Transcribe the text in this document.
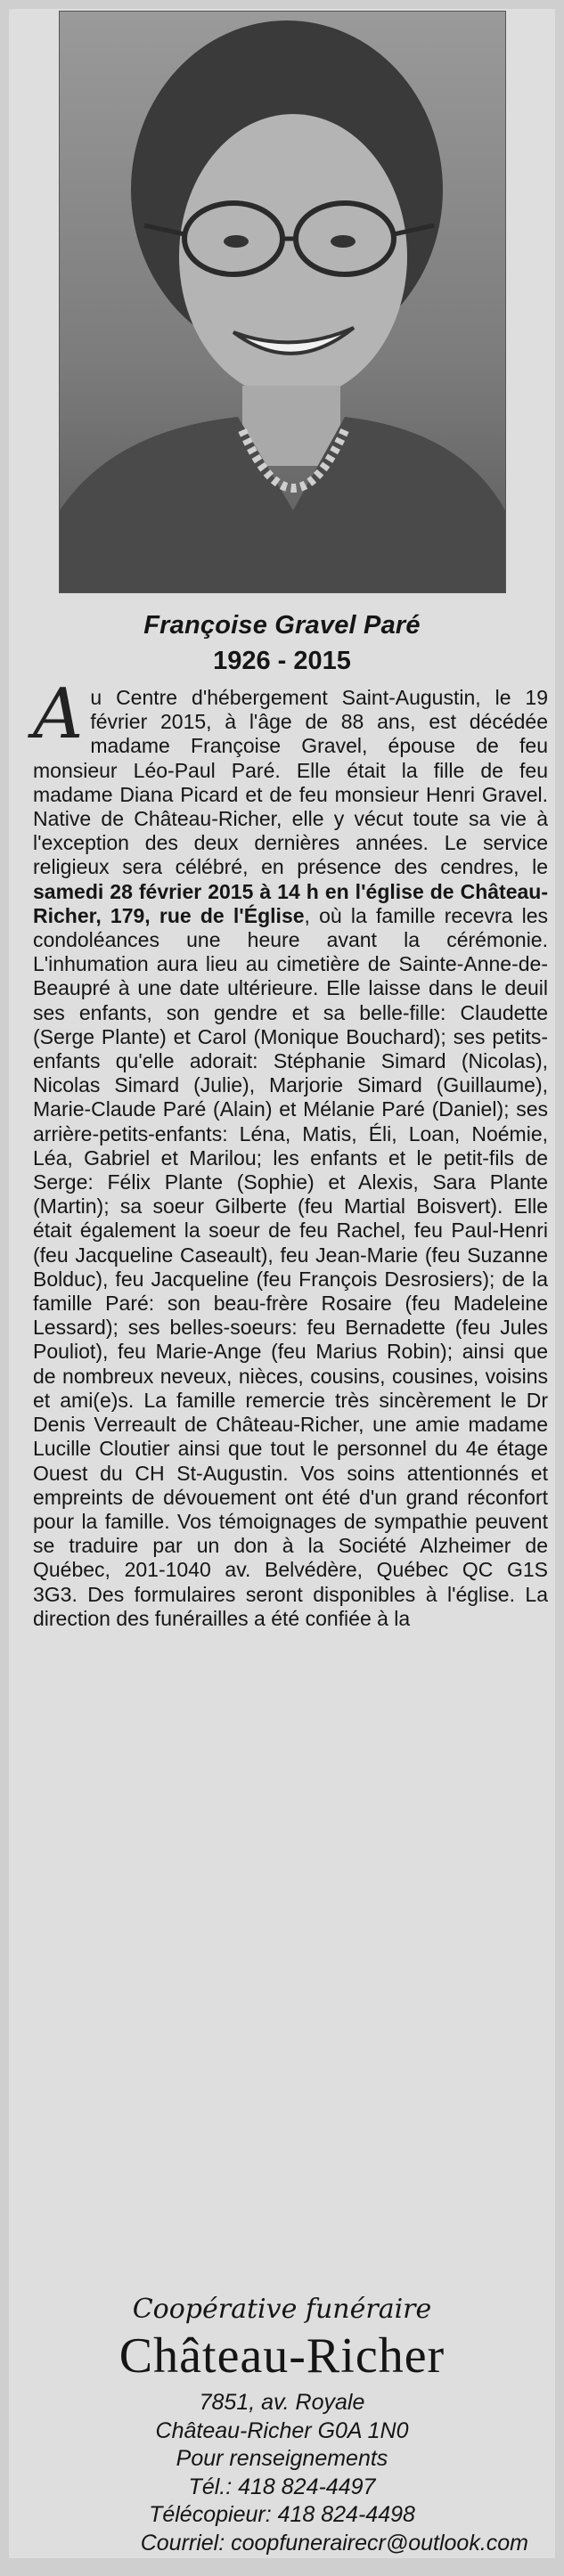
Françoise Gravel Paré
1926 - 2015
Au Centre d'hébergement Saint-Augustin, le 19 février 2015, à l'âge de 88 ans, est décédée madame Françoise Gravel, épouse de feu monsieur Léo-Paul Paré. Elle était la fille de feu madame Diana Picard et de feu monsieur Henri Gravel. Native de Château-Richer, elle y vécut toute sa vie à l'exception des deux dernières années. Le service religieux sera célébré, en présence des cendres, le samedi 28 février 2015 à 14 h en l'église de Château-Richer, 179, rue de l'Église, où la famille recevra les condoléances une heure avant la cérémonie. L'inhumation aura lieu au cimetière de Sainte-Anne-de-Beaupré à une date ultérieure. Elle laisse dans le deuil ses enfants, son gendre et sa belle-fille: Claudette (Serge Plante) et Carol (Monique Bouchard); ses petits-enfants qu'elle adorait: Stéphanie Simard (Nicolas), Nicolas Simard (Julie), Marjorie Simard (Guillaume), Marie-Claude Paré (Alain) et Mélanie Paré (Daniel); ses arrière-petits-enfants: Léna, Matis, Éli, Loan, Noémie, Léa, Gabriel et Marilou; les enfants et le petit-fils de Serge: Félix Plante (Sophie) et Alexis, Sara Plante (Martin); sa soeur Gilberte (feu Martial Boisvert). Elle était également la soeur de feu Rachel, feu Paul-Henri (feu Jacqueline Caseault), feu Jean-Marie (feu Suzanne Bolduc), feu Jacqueline (feu François Desrosiers); de la famille Paré: son beau-frère Rosaire (feu Madeleine Lessard); ses belles-soeurs: feu Bernadette (feu Jules Pouliot), feu Marie-Ange (feu Marius Robin); ainsi que de nombreux neveux, nièces, cousins, cousines, voisins et ami(e)s. La famille remercie très sincèrement le Dr Denis Verreault de Château-Richer, une amie madame Lucille Cloutier ainsi que tout le personnel du 4e étage Ouest du CH St-Augustin. Vos soins attentionnés et empreints de dévouement ont été d'un grand réconfort pour la famille. Vos témoignages de sympathie peuvent se traduire par un don à la Société Alzheimer de Québec, 201-1040 av. Belvédère, Québec QC G1S 3G3. Des formulaires seront disponibles à l'église. La direction des funérailles a été confiée à la
Coopérative funéraire
Château-Richer
7851, av. Royale
Château-Richer G0A 1N0
Pour renseignements
Tél.: 418 824-4497
Télécopieur: 418 824-4498
Courriel: coopfunerairecr@outlook.com
